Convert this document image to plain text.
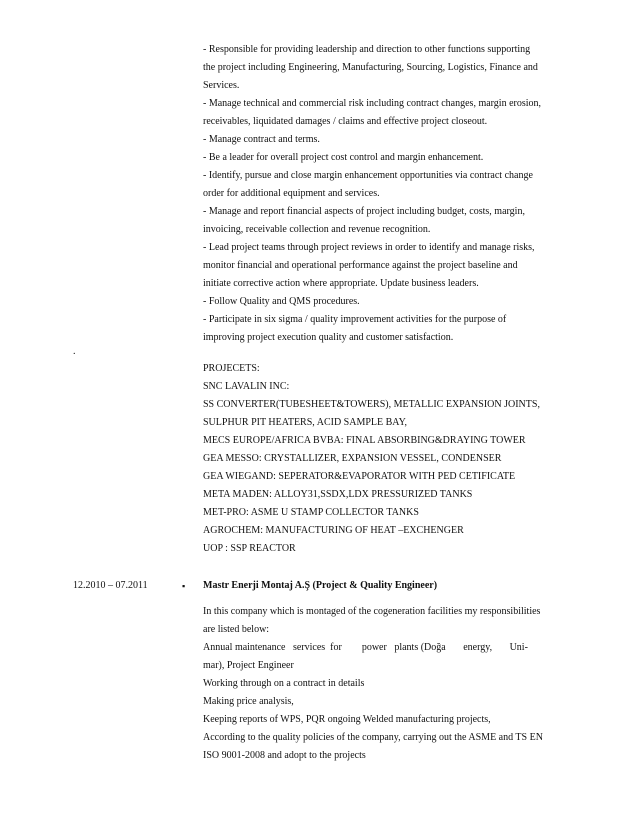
- Responsible for providing leadership and direction to other functions supporting
the project including Engineering, Manufacturing, Sourcing, Logistics, Finance and
Services.
- Manage technical and commercial risk including contract changes, margin erosion,
receivables, liquidated damages / claims and effective project closeout.
- Manage contract and terms.
- Be a leader for overall project cost control and margin enhancement.
- Identify, pursue and close margin enhancement opportunities via contract change
order for additional equipment and services.
- Manage and report financial aspects of project including budget, costs, margin,
invoicing, receivable collection and revenue recognition.
- Lead project teams through project reviews in order to identify and manage risks,
monitor financial and operational performance against the project baseline and
initiate corrective action where appropriate. Update business leaders.
- Follow Quality and QMS procedures.
- Participate in six sigma / quality improvement activities for the purpose of
improving project execution quality and customer satisfaction.
.
PROJECETS:
SNC LAVALIN INC:
SS CONVERTER(TUBESHEET&TOWERS), METALLIC EXPANSION JOINTS,
SULPHUR PIT HEATERS, ACID SAMPLE BAY,
MECS EUROPE/AFRICA BVBA: FINAL ABSORBING&DRAYING TOWER
GEA MESSO: CRYSTALLIZER, EXPANSION VESSEL, CONDENSER
GEA WIEGAND: SEPERATOR&EVAPORATOR WITH PED CETIFICATE
META MADEN: ALLOY31,SSDX,LDX PRESSURIZED TANKS
MET-PRO: ASME U STAMP COLLECTOR TANKS
AGROCHEM: MANUFACTURING OF HEAT –EXCHENGER
UOP : SSP REACTOR
12.2010 – 07.2011	▪ Mastr Enerji Montaj A.Ş (Project & Quality Engineer)
In this company which is montaged of the cogeneration facilities my responsibilities
are listed below:
Annual maintenance   services  for        power   plants (Doğa       energy,       Uni-
mar), Project Engineer
Working through on a contract in details
Making price analysis,
Keeping reports of WPS, PQR ongoing Welded manufacturing projects,
According to the quality policies of the company, carrying out the ASME and TS EN
ISO 9001-2008 and adopt to the projects
